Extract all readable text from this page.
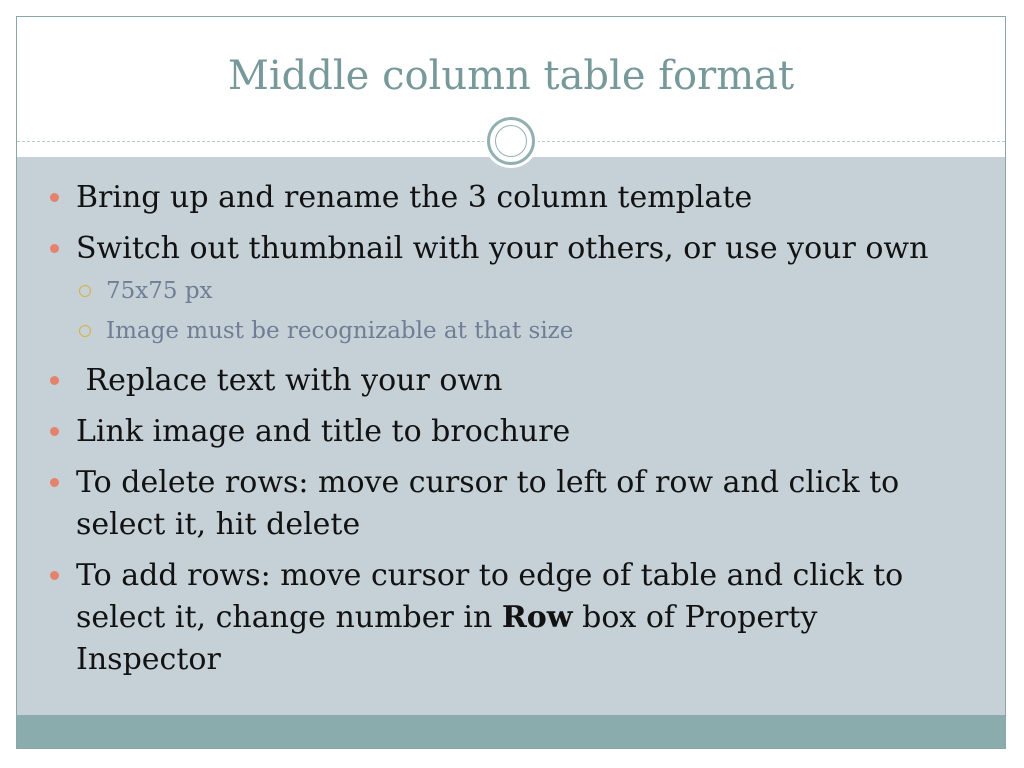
Middle column table format
Bring up and rename the 3 column template
Switch out thumbnail with your others, or use your own
75x75 px
Image must be recognizable at that size
Replace text with your own
Link image and title to brochure
To delete rows: move cursor to left of row and click to select it, hit delete
To add rows: move cursor to edge of table and click to select it, change number in Row box of Property Inspector
